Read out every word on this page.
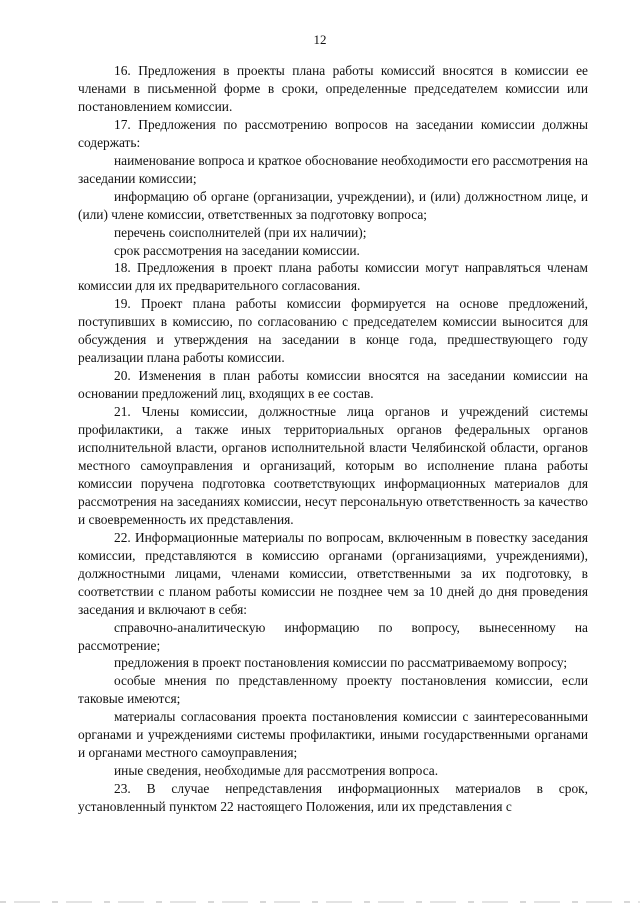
12

16. Предложения в проекты плана работы комиссий вносятся в комиссии ее членами в письменной форме в сроки, определенные председателем комиссии или постановлением комиссии.

17. Предложения по рассмотрению вопросов на заседании комиссии должны содержать:

наименование вопроса и краткое обоснование необходимости его рассмотрения на заседании комиссии;

информацию об органе (организации, учреждении), и (или) должностном лице, и (или) члене комиссии, ответственных за подготовку вопроса;

перечень соисполнителей (при их наличии);

срок рассмотрения на заседании комиссии.

18. Предложения в проект плана работы комиссии могут направляться членам комиссии для их предварительного согласования.

19. Проект плана работы комиссии формируется на основе предложений, поступивших в комиссию, по согласованию с председателем комиссии выносится для обсуждения и утверждения на заседании в конце года, предшествующего году реализации плана работы комиссии.

20. Изменения в план работы комиссии вносятся на заседании комиссии на основании предложений лиц, входящих в ее состав.

21. Члены комиссии, должностные лица органов и учреждений системы профилактики, а также иных территориальных органов федеральных органов исполнительной власти, органов исполнительной власти Челябинской области, органов местного самоуправления и организаций, которым во исполнение плана работы комиссии поручена подготовка соответствующих информационных материалов для рассмотрения на заседаниях комиссии, несут персональную ответственность за качество и своевременность их представления.

22. Информационные материалы по вопросам, включенным в повестку заседания комиссии, представляются в комиссию органами (организациями, учреждениями), должностными лицами, членами комиссии, ответственными за их подготовку, в соответствии с планом работы комиссии не позднее чем за 10 дней до дня проведения заседания и включают в себя:

справочно-аналитическую информацию по вопросу, вынесенному на рассмотрение;

предложения в проект постановления комиссии по рассматриваемому вопросу;

особые мнения по представленному проекту постановления комиссии, если таковые имеются;

материалы согласования проекта постановления комиссии с заинтересованными органами и учреждениями системы профилактики, иными государственными органами и органами местного самоуправления;

иные сведения, необходимые для рассмотрения вопроса.

23. В случае непредставления информационных материалов в срок, установленный пунктом 22 настоящего Положения, или их представления с
